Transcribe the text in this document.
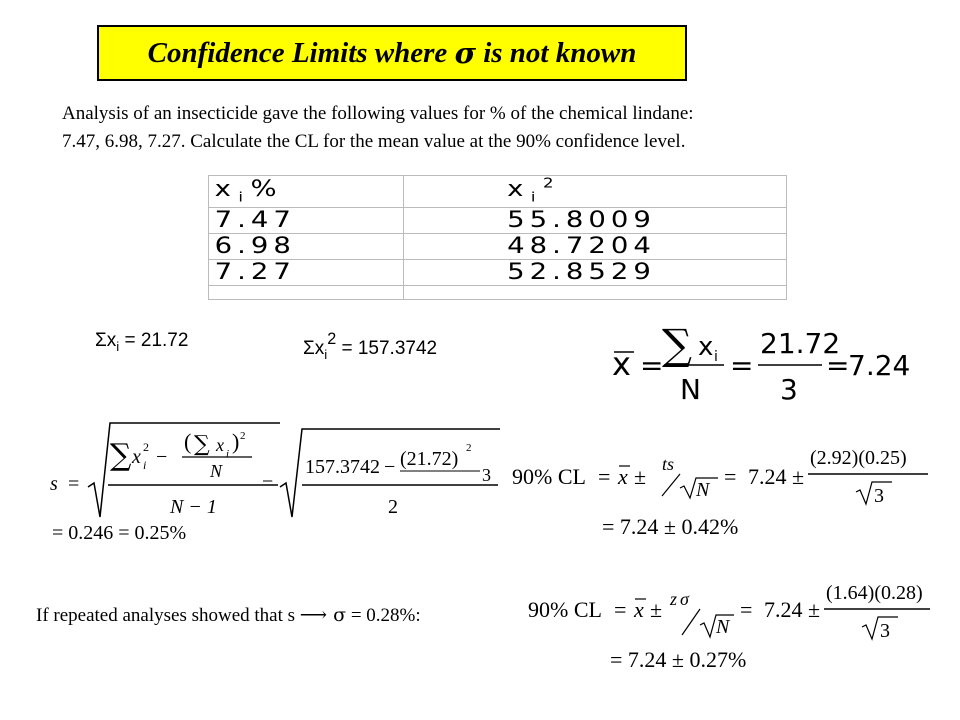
Confidence Limits where σ is not known
Analysis of an insecticide gave the following values for % of the chemical lindane:
7.47, 6.98, 7.27. Calculate the CL for the mean value at the 90% confidence level.
$x_i\%$	$x_i^2$
7.47	55.8009
6.98	48.7204
7.27	52.8529

$\Sigma x_i = 21.72$	$\Sigma x_i^2 = 157.3742$	x =
∑ x i
N
=
21.72
3
=
7.24
s =
∑ x i
2 −
( ∑ x i ) 2
N
N − 1
=
157.3742 − (21.72) 2
3
2
= 0.246 = 0.25%
90% CL = x ± ts
N
= 7.24 ±
(2.92)(0.25)
3
= 7.24 ± 0.42%
If repeated analyses showed that s ⟶ σ = 0.28%:	90% CL = x ± z σ
N
= 7.24 ±
(1.64)(0.28)
3
= 7.24 ± 0.27%
